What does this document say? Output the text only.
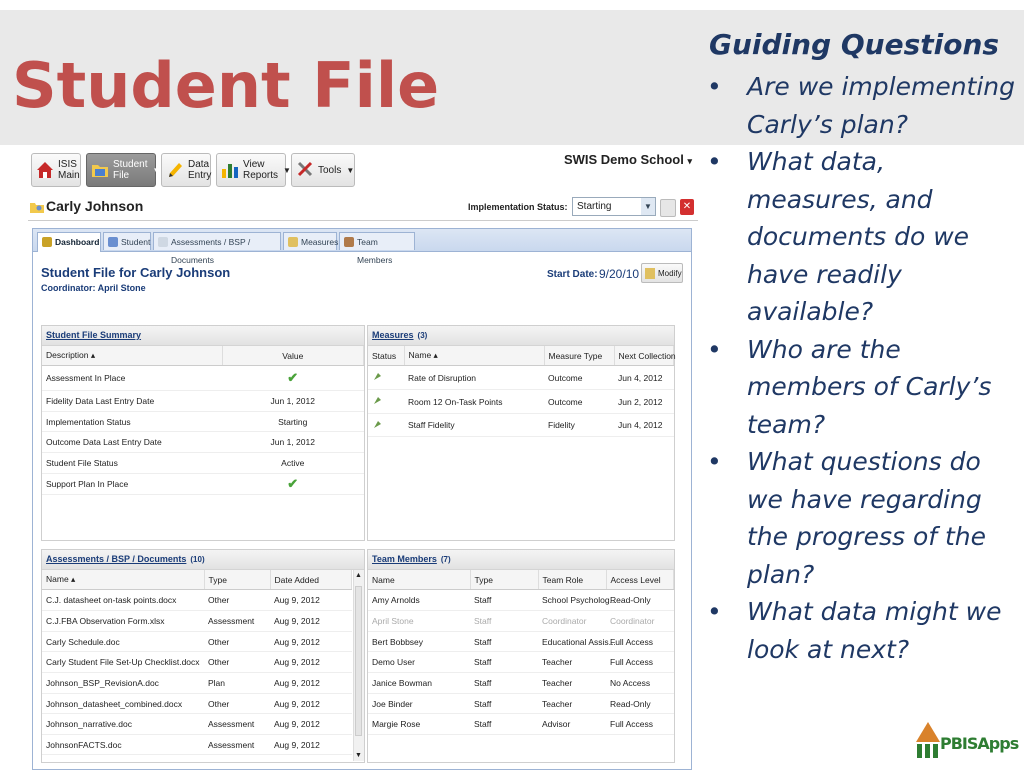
Student File
Guiding Questions
• Are we implementing Carly’s plan?
• What data, measures, and documents do we have readily available?
• Who are the members of Carly’s team?
• What questions do we have regarding the progress of the plan?
• What data might we look at next?
ISIS
Main
Student
File	▼	Data
Entry
View
Reports ▼	Tools ▼
SWIS Demo School ▾
Carly Johnson	Implementation Status: Starting	▼	✕
Dashboard	Student	Assessments / BSP / Documents
Measures	Team Members
Student File for Carly Johnson
Coordinator: April Stone
Start Date: 9/20/10	Modify
Student File Summary
Description ▴	Value
Assessment In Place	✔
Fidelity Data Last Entry Date	Jun 1, 2012
Implementation Status	Starting
Outcome Data Last Entry Date	Jun 1, 2012
Student File Status	Active
Support Plan In Place	✔
Measures (3)
Status	Name ▴	Measure Type	Next Collection
	Rate of Disruption	Outcome	Jun 4, 2012
	Room 12 On-Task Points	Outcome	Jun 2, 2012
	Staff Fidelity	Fidelity	Jun 4, 2012
Assessments / BSP / Documents (10)
Name ▴	Type	Date Added
C.J. datasheet on-task points.docx	Other	Aug 9, 2012
C.J.FBA Observation Form.xlsx	Assessment	Aug 9, 2012
Carly Schedule.doc	Other	Aug 9, 2012
Carly Student File Set-Up Checklist.docx	Other	Aug 9, 2012
Johnson_BSP_RevisionA.doc	Plan	Aug 9, 2012
Johnson_datasheet_combined.docx	Other	Aug 9, 2012
Johnson_narrative.doc	Assessment	Aug 9, 2012
JohnsonFACTS.doc	Assessment	Aug 9, 2012
▲
▼
Team Members (7)
Name	Type	Team Role	Access Level
Amy Arnolds	Staff	School Psycholog...	Read-Only
April Stone	Staff	Coordinator	Coordinator
Bert Bobbsey	Staff	Educational Assis...	Full Access
Demo User	Staff	Teacher	Full Access
Janice Bowman	Staff	Teacher	No Access
Joe Binder	Staff	Teacher	Read-Only
Margie Rose	Staff	Advisor	Full Access
PBISApps
